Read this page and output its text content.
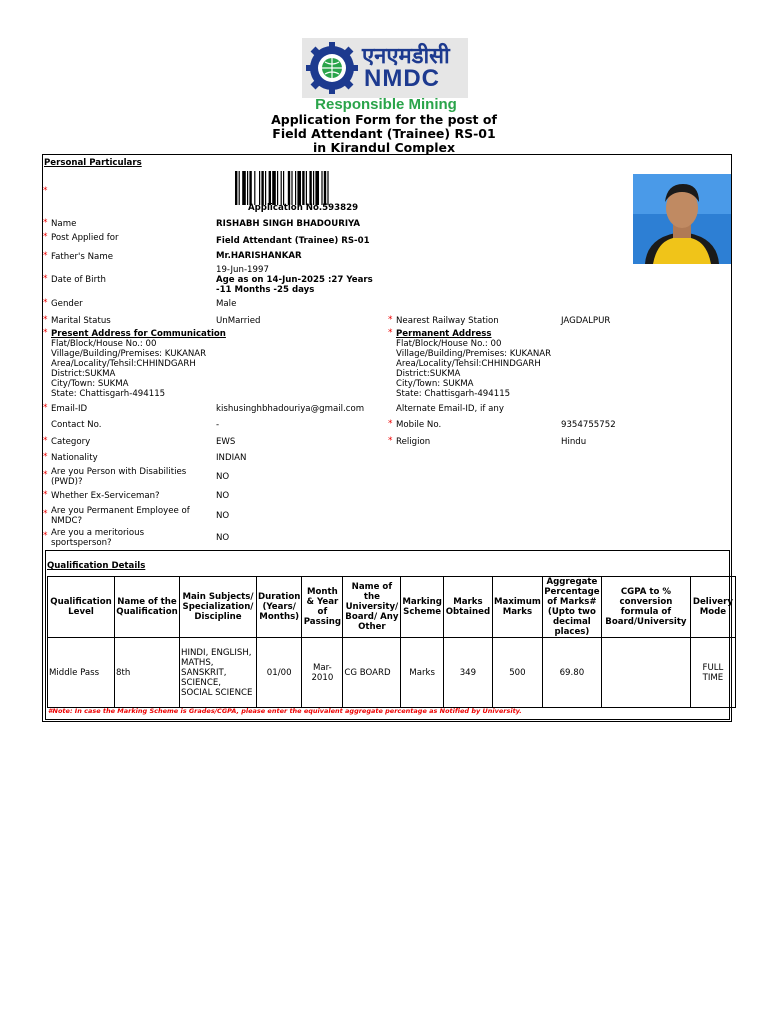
एनएमडीसी
NMDC
Responsible Mining
Application Form for the post of
Field Attendant (Trainee) RS-01
in Kirandul Complex
Personal Particulars
Application No.593829
*
* Name	RISHABH SINGH BHADOURIYA
* Post Applied for	Field Attendant (Trainee) RS-01
* Father's Name	Mr.HARISHANKAR
19-Jun-1997
* Date of Birth	Age as on 14-Jun-2025 :27 Years
-11 Months -25 days
* Gender	Male
* Marital Status	UnMarried	* Nearest Railway Station	JAGDALPUR
* Present Address for Communication
Flat/Block/House No.: 00
Village/Building/Premises: KUKANAR
Area/Locality/Tehsil:CHHINDGARH
District:SUKMA
City/Town: SUKMA
State: Chattisgarh-494115
* Permanent Address
Flat/Block/House No.: 00
Village/Building/Premises: KUKANAR
Area/Locality/Tehsil:CHHINDGARH
District:SUKMA
City/Town: SUKMA
State: Chattisgarh-494115
* Email-ID	kishusinghbhadouriya@gmail.com	Alternate Email-ID, if any
Contact No.	-	* Mobile No.	9354755752
* Category	EWS	* Religion	Hindu
* Nationality	INDIAN
* Are you Person with Disabilities
(PWD)?	NO
* Whether Ex-Serviceman?	NO
* Are you Permanent Employee of
NMDC?	NO
* Are you a meritorious
sportsperson?	NO
Qualification Details
Qualification Level	Name of the Qualification	Main Subjects/ Specialization/ Discipline	Duration (Years/ Months)	Month & Year of Passing	Name of the University/ Board/ Any Other	Marking Scheme	Marks Obtained	Maximum Marks	Aggregate Percentage of Marks# (Upto two decimal places)	CGPA to % conversion formula of Board/University	Delivery Mode
Middle Pass	8th	HINDI, ENGLISH, MATHS, SANSKRIT, SCIENCE, SOCIAL SCIENCE	01/00	Mar-2010	CG BOARD	Marks	349	500	69.80		FULL TIME
#Note: In case the Marking Scheme is Grades/CGPA, please enter the equivalent aggregate percentage as Notified by University.
